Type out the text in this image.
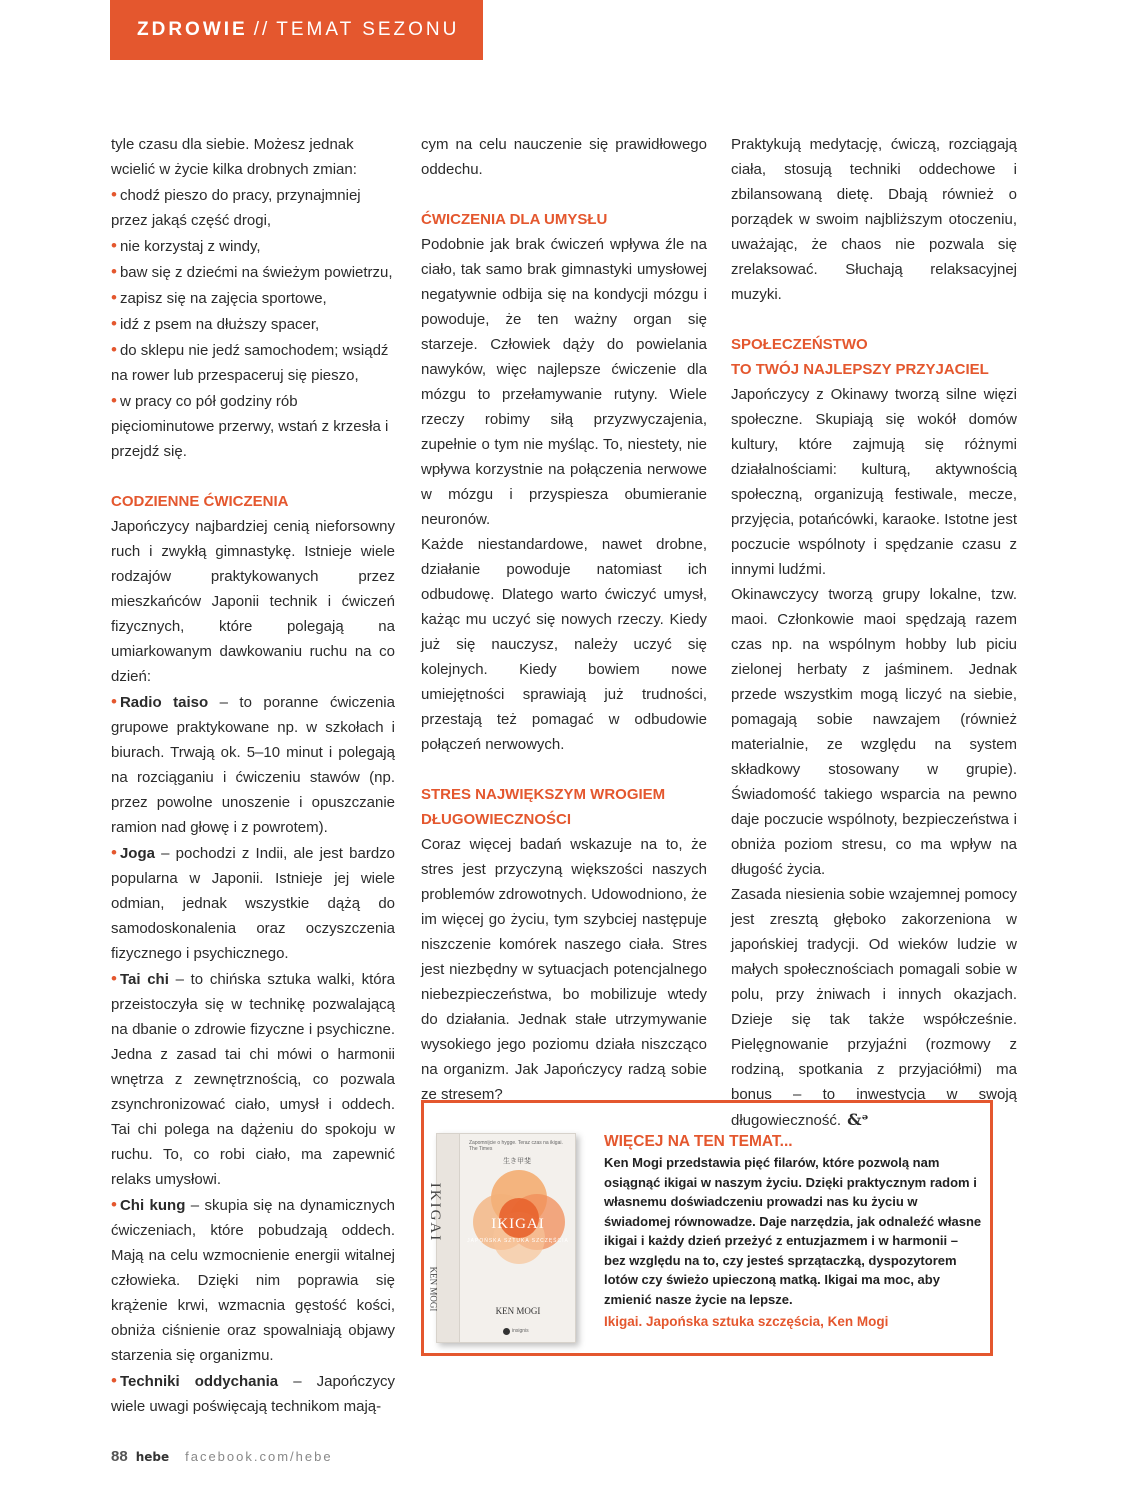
ZDROWIE // TEMAT SEZONU

tyle czasu dla siebie. Możesz jednak wcielić w życie kilka drobnych zmian:

• chodź pieszo do pracy, przynajmniej przez jakąś część drogi,

• nie korzystaj z windy,

• baw się z dziećmi na świeżym powietrzu,

• zapisz się na zajęcia sportowe,

• idź z psem na dłuższy spacer,

• do sklepu nie jedź samochodem; wsiądź na rower lub przespaceruj się pieszo,

• w pracy co pół godziny rób pięciominutowe przerwy, wstań z krzesła i przejdź się.

CODZIENNE ĆWICZENIA

Japończycy najbardziej cenią nieforsowny ruch i zwykłą gimnastykę. Istnieje wiele rodzajów praktykowanych przez mieszkańców Japonii technik i ćwiczeń fizycznych, które polegają na umiarkowanym dawkowaniu ruchu na co dzień:

• Radio taiso – to poranne ćwiczenia grupowe praktykowane np. w szkołach i biurach. Trwają ok. 5–10 minut i polegają na rozciąganiu i ćwiczeniu stawów (np. przez powolne unoszenie i opuszczanie ramion nad głowę i z powrotem).

• Joga – pochodzi z Indii, ale jest bardzo popularna w Japonii. Istnieje jej wiele odmian, jednak wszystkie dążą do samodoskonalenia oraz oczyszczenia fizycznego i psychicznego.

• Tai chi – to chińska sztuka walki, która przeistoczyła się w technikę pozwalającą na dbanie o zdrowie fizyczne i psychiczne. Jedna z zasad tai chi mówi o harmonii wnętrza z zewnętrznością, co pozwala zsynchronizować ciało, umysł i oddech. Tai chi polega na dążeniu do spokoju w ruchu. To, co robi ciało, ma zapewnić relaks umysłowi.

• Chi kung – skupia się na dynamicznych ćwiczeniach, które pobudzają oddech. Mają na celu wzmocnienie energii witalnej człowieka. Dzięki nim poprawia się krążenie krwi, wzmacnia gęstość kości, obniża ciśnienie oraz spowalniają objawy starzenia się organizmu.

• Techniki oddychania – Japończycy wiele uwagi poświęcają technikom mają-

cym na celu nauczenie się prawidłowego oddechu.

ĆWICZENIA DLA UMYSŁU

Podobnie jak brak ćwiczeń wpływa źle na ciało, tak samo brak gimnastyki umysłowej negatywnie odbija się na kondycji mózgu i powoduje, że ten ważny organ się starzeje. Człowiek dąży do powielania nawyków, więc najlepsze ćwiczenie dla mózgu to przełamywanie rutyny. Wiele rzeczy robimy siłą przyzwyczajenia, zupełnie o tym nie myśląc. To, niestety, nie wpływa korzystnie na połączenia nerwowe w mózgu i przyspiesza obumieranie neuronów.

Każde niestandardowe, nawet drobne, działanie powoduje natomiast ich odbudowę. Dlatego warto ćwiczyć umysł, każąc mu uczyć się nowych rzeczy. Kiedy już się nauczysz, należy uczyć się kolejnych. Kiedy bowiem nowe umiejętności sprawiają już trudności, przestają też pomagać w odbudowie połączeń nerwowych.

STRES NAJWIĘKSZYM WROGIEM

DŁUGOWIECZNOŚCI

Coraz więcej badań wskazuje na to, że stres jest przyczyną większości naszych problemów zdrowotnych. Udowodniono, że im więcej go życiu, tym szybciej następuje niszczenie komórek naszego ciała. Stres jest niezbędny w sytuacjach potencjalnego niebezpieczeństwa, bo mobilizuje wtedy do działania. Jednak stałe utrzymywanie wysokiego jego poziomu działa niszcząco na organizm. Jak Japończycy radzą sobie ze stresem?

Praktykują medytację, ćwiczą, rozciągają ciała, stosują techniki oddechowe i zbilansowaną dietę. Dbają również o porządek w swoim najbliższym otoczeniu, uważając, że chaos nie pozwala się zrelaksować. Słuchają relaksacyjnej muzyki.

SPOŁECZEŃSTWO

TO TWÓJ NAJLEPSZY PRZYJACIEL

Japończycy z Okinawy tworzą silne więzi społeczne. Skupiają się wokół domów kultury, które zajmują się różnymi działalnościami: kulturą, aktywnością społeczną, organizują festiwale, mecze, przyjęcia, potańcówki, karaoke. Istotne jest poczucie wspólnoty i spędzanie czasu z innymi ludźmi.

Okinawczycy tworzą grupy lokalne, tzw. maoi. Członkowie maoi spędzają razem czas np. na wspólnym hobby lub piciu zielonej herbaty z jaśminem. Jednak przede wszystkim mogą liczyć na siebie, pomagają sobie nawzajem (również materialnie, ze względu na system składkowy stosowany w grupie). Świadomość takiego wsparcia na pewno daje poczucie wspólnoty, bezpieczeństwa i obniża poziom stresu, co ma wpływ na długość życia.

Zasada niesienia sobie wzajemnej pomocy jest zresztą głęboko zakorzeniona w japońskiej tradycji. Od wieków ludzie w małych społecznościach pomagali sobie w polu, przy żniwach i innych okazjach. Dzieje się tak także współcześnie. Pielęgnowanie przyjaźni (rozmowy z rodziną, spotkania z przyjaciółmi) ma bonus – to inwestycja w swoją długowieczność. &ᵊ

IKIGAI
KEN MOGI
Zapomnijcie o hygge. Teraz czas na ikigai. The Times
生き甲斐
IKIGAI
JAPOŃSKA SZTUKA SZCZĘŚCIA
KEN MOGI
insignis

WIĘCEJ NA TEN TEMAT...

Ken Mogi przedstawia pięć filarów, które pozwolą nam osiągnąć ikigai w naszym życiu. Dzięki praktycznym radom i własnemu doświadczeniu prowadzi nas ku życiu w świadomej równowadze. Daje narzędzia, jak odnaleźć własne ikigai i każdy dzień przeżyć z entuzjazmem i w harmonii – bez względu na to, czy jesteś sprzątaczką, dyspozytorem lotów czy świeżo upieczoną matką. Ikigai ma moc, aby zmienić nasze życie na lepsze.

Ikigai. Japońska sztuka szczęścia, Ken Mogi

88 hebe facebook.com/hebe
